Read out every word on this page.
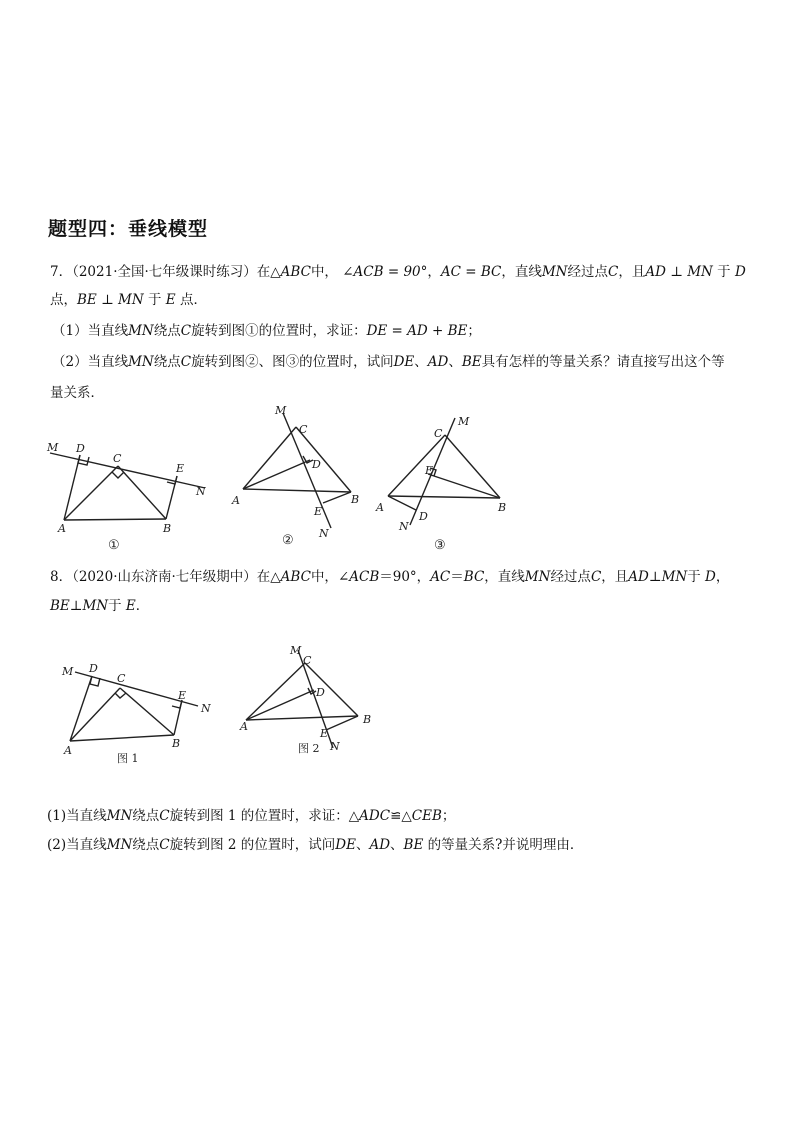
题型四：垂线模型
7．（2021·全国·七年级课时练习）在△ABC中， ∠ACB = 90°，AC = BC，直线MN经过点C，且AD ⊥ MN 于 D
点，BE ⊥ MN 于 E 点．
（1）当直线MN绕点C旋转到图①的位置时，求证：DE = AD + BE；
（2）当直线MN绕点C旋转到图②、图③的位置时，试问DE、AD、BE具有怎样的等量关系？请直接写出这个等
量关系．
8．（2020·山东济南·七年级期中）在△ABC中，∠ACB＝90°，AC＝BC，直线MN经过点C，且AD⊥MN于 D，
BE⊥MN于 E．
(1)当直线MN绕点C旋转到图 1 的位置时，求证：△ADC≌△CEB；
(2)当直线MN绕点C旋转到图 2 的位置时，试问DE、AD、BE 的等量关系?并说明理由．
M D
C
E
N
A	B
①
M
C
D
A	B
E
N
②
M
C
E
A	B
D
N
③
M D
C
E
N
A
B
图 1
M
C
D
A
B
E
N
图 2
